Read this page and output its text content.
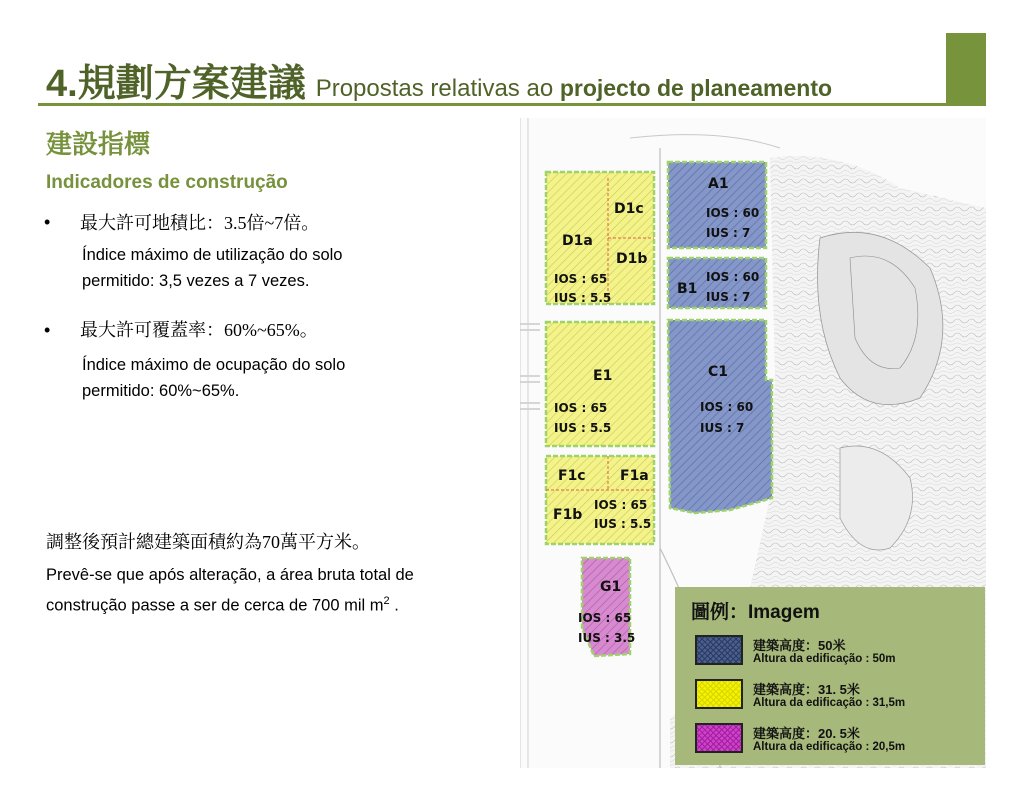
4.規劃方案建議 Propostas relativas ao projecto de planeamento
建設指標
Indicadores de construção
• 最大許可地積比：3.5倍~7倍。
Índice máximo de utilização do solo
permitido: 3,5 vezes a 7 vezes.
• 最大許可覆蓋率：60%~65%。
Índice máximo de ocupação do solo
permitido: 60%~65%.
調整後預計總建築面積約為70萬平方米。
Prevê-se que após alteração, a área bruta total de
construção passe a ser de cerca de 700 mil $m^2$ .
A1
IOS : 60
IUS : 7
B1
IOS : 60
IUS : 7
C1
IOS : 60
IUS : 7
D1a
IOS : 65
IUS : 5.5
D1b
D1c
E1
IOS : 65
IUS : 5.5
F1a
F1b
IOS : 65
IUS : 5.5
F1c
G1
IOS : 65
IUS : 3.5
圖例：Imagem
建築高度：50米
Altura da edificação : 50m
建築高度：31. 5米
Altura da edificação : 31,5m
建築高度：20. 5米
Altura da edificação : 20,5m
